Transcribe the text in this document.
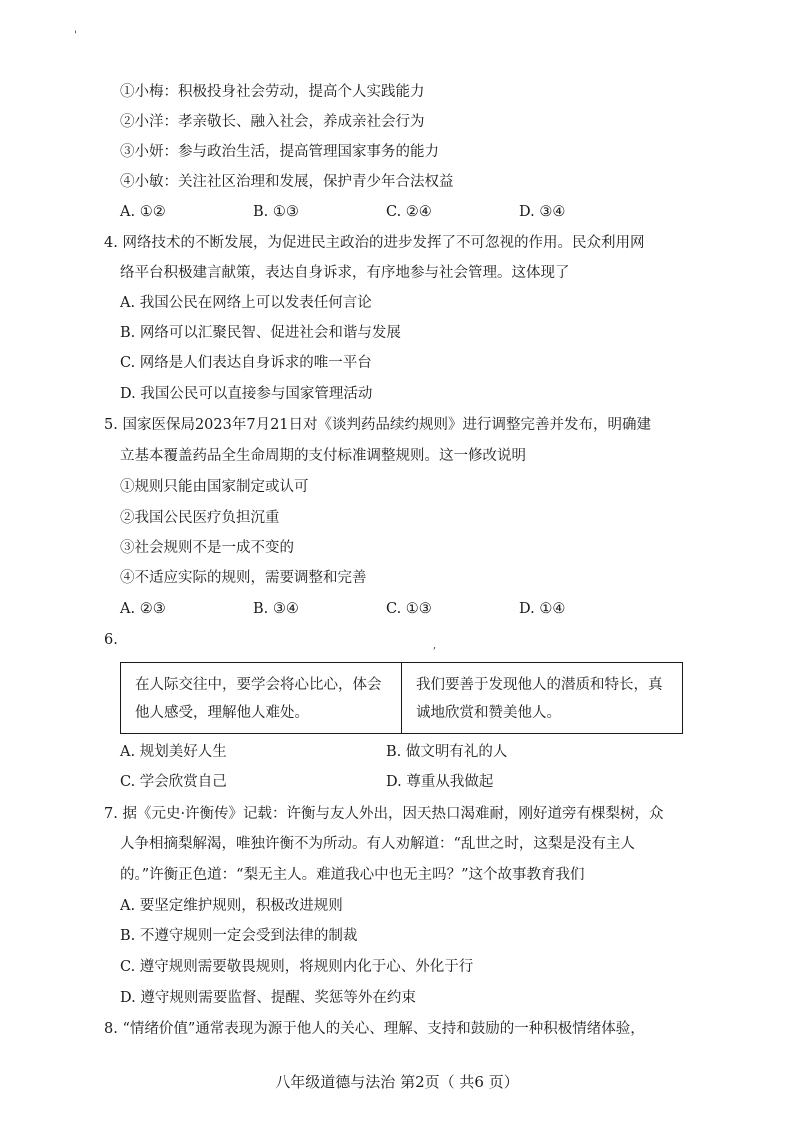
'
,
①小梅：积极投身社会劳动，提高个人实践能力
②小洋：孝亲敬长、融入社会，养成亲社会行为
③小妍：参与政治生活，提高管理国家事务的能力
④小敏：关注社区治理和发展，保护青少年合法权益
A. ①②	B. ①③	C. ②④	D. ③④
4. 网络技术的不断发展，为促进民主政治的进步发挥了不可忽视的作用。民众利用网
络平台积极建言献策，表达自身诉求，有序地参与社会管理。这体现了
A. 我国公民在网络上可以发表任何言论
B. 网络可以汇聚民智、促进社会和谐与发展
C. 网络是人们表达自身诉求的唯一平台
D. 我国公民可以直接参与国家管理活动
5. 国家医保局2023年7月21日对《谈判药品续约规则》进行调整完善并发布，明确建
立基本覆盖药品全生命周期的支付标准调整规则。这一修改说明
①规则只能由国家制定或认可
②我国公民医疗负担沉重
③社会规则不是一成不变的
④不适应实际的规则，需要调整和完善
A. ②③	B. ③④	C. ①③	D. ①④
6.
在人际交往中，要学会将心比心，体会他人感受，理解他人难处。
我们要善于发现他人的潜质和特长，真诚地欣赏和赞美他人。
A. 规划美好人生	B. 做文明有礼的人
C. 学会欣赏自己	D. 尊重从我做起
7. 据《元史·许衡传》记载：许衡与友人外出，因天热口渴难耐，刚好道旁有棵梨树，众
人争相摘梨解渴，唯独许衡不为所动。有人劝解道：“乱世之时，这梨是没有主人
的。”许衡正色道：“梨无主人。难道我心中也无主吗？”这个故事教育我们
A. 要坚定维护规则，积极改进规则
B. 不遵守规则一定会受到法律的制裁
C. 遵守规则需要敬畏规则，将规则内化于心、外化于行
D. 遵守规则需要监督、提醒、奖惩等外在约束
8. “情绪价值”通常表现为源于他人的关心、理解、支持和鼓励的一种积极情绪体验，
八年级道德与法治 第2页（ 共6 页）
